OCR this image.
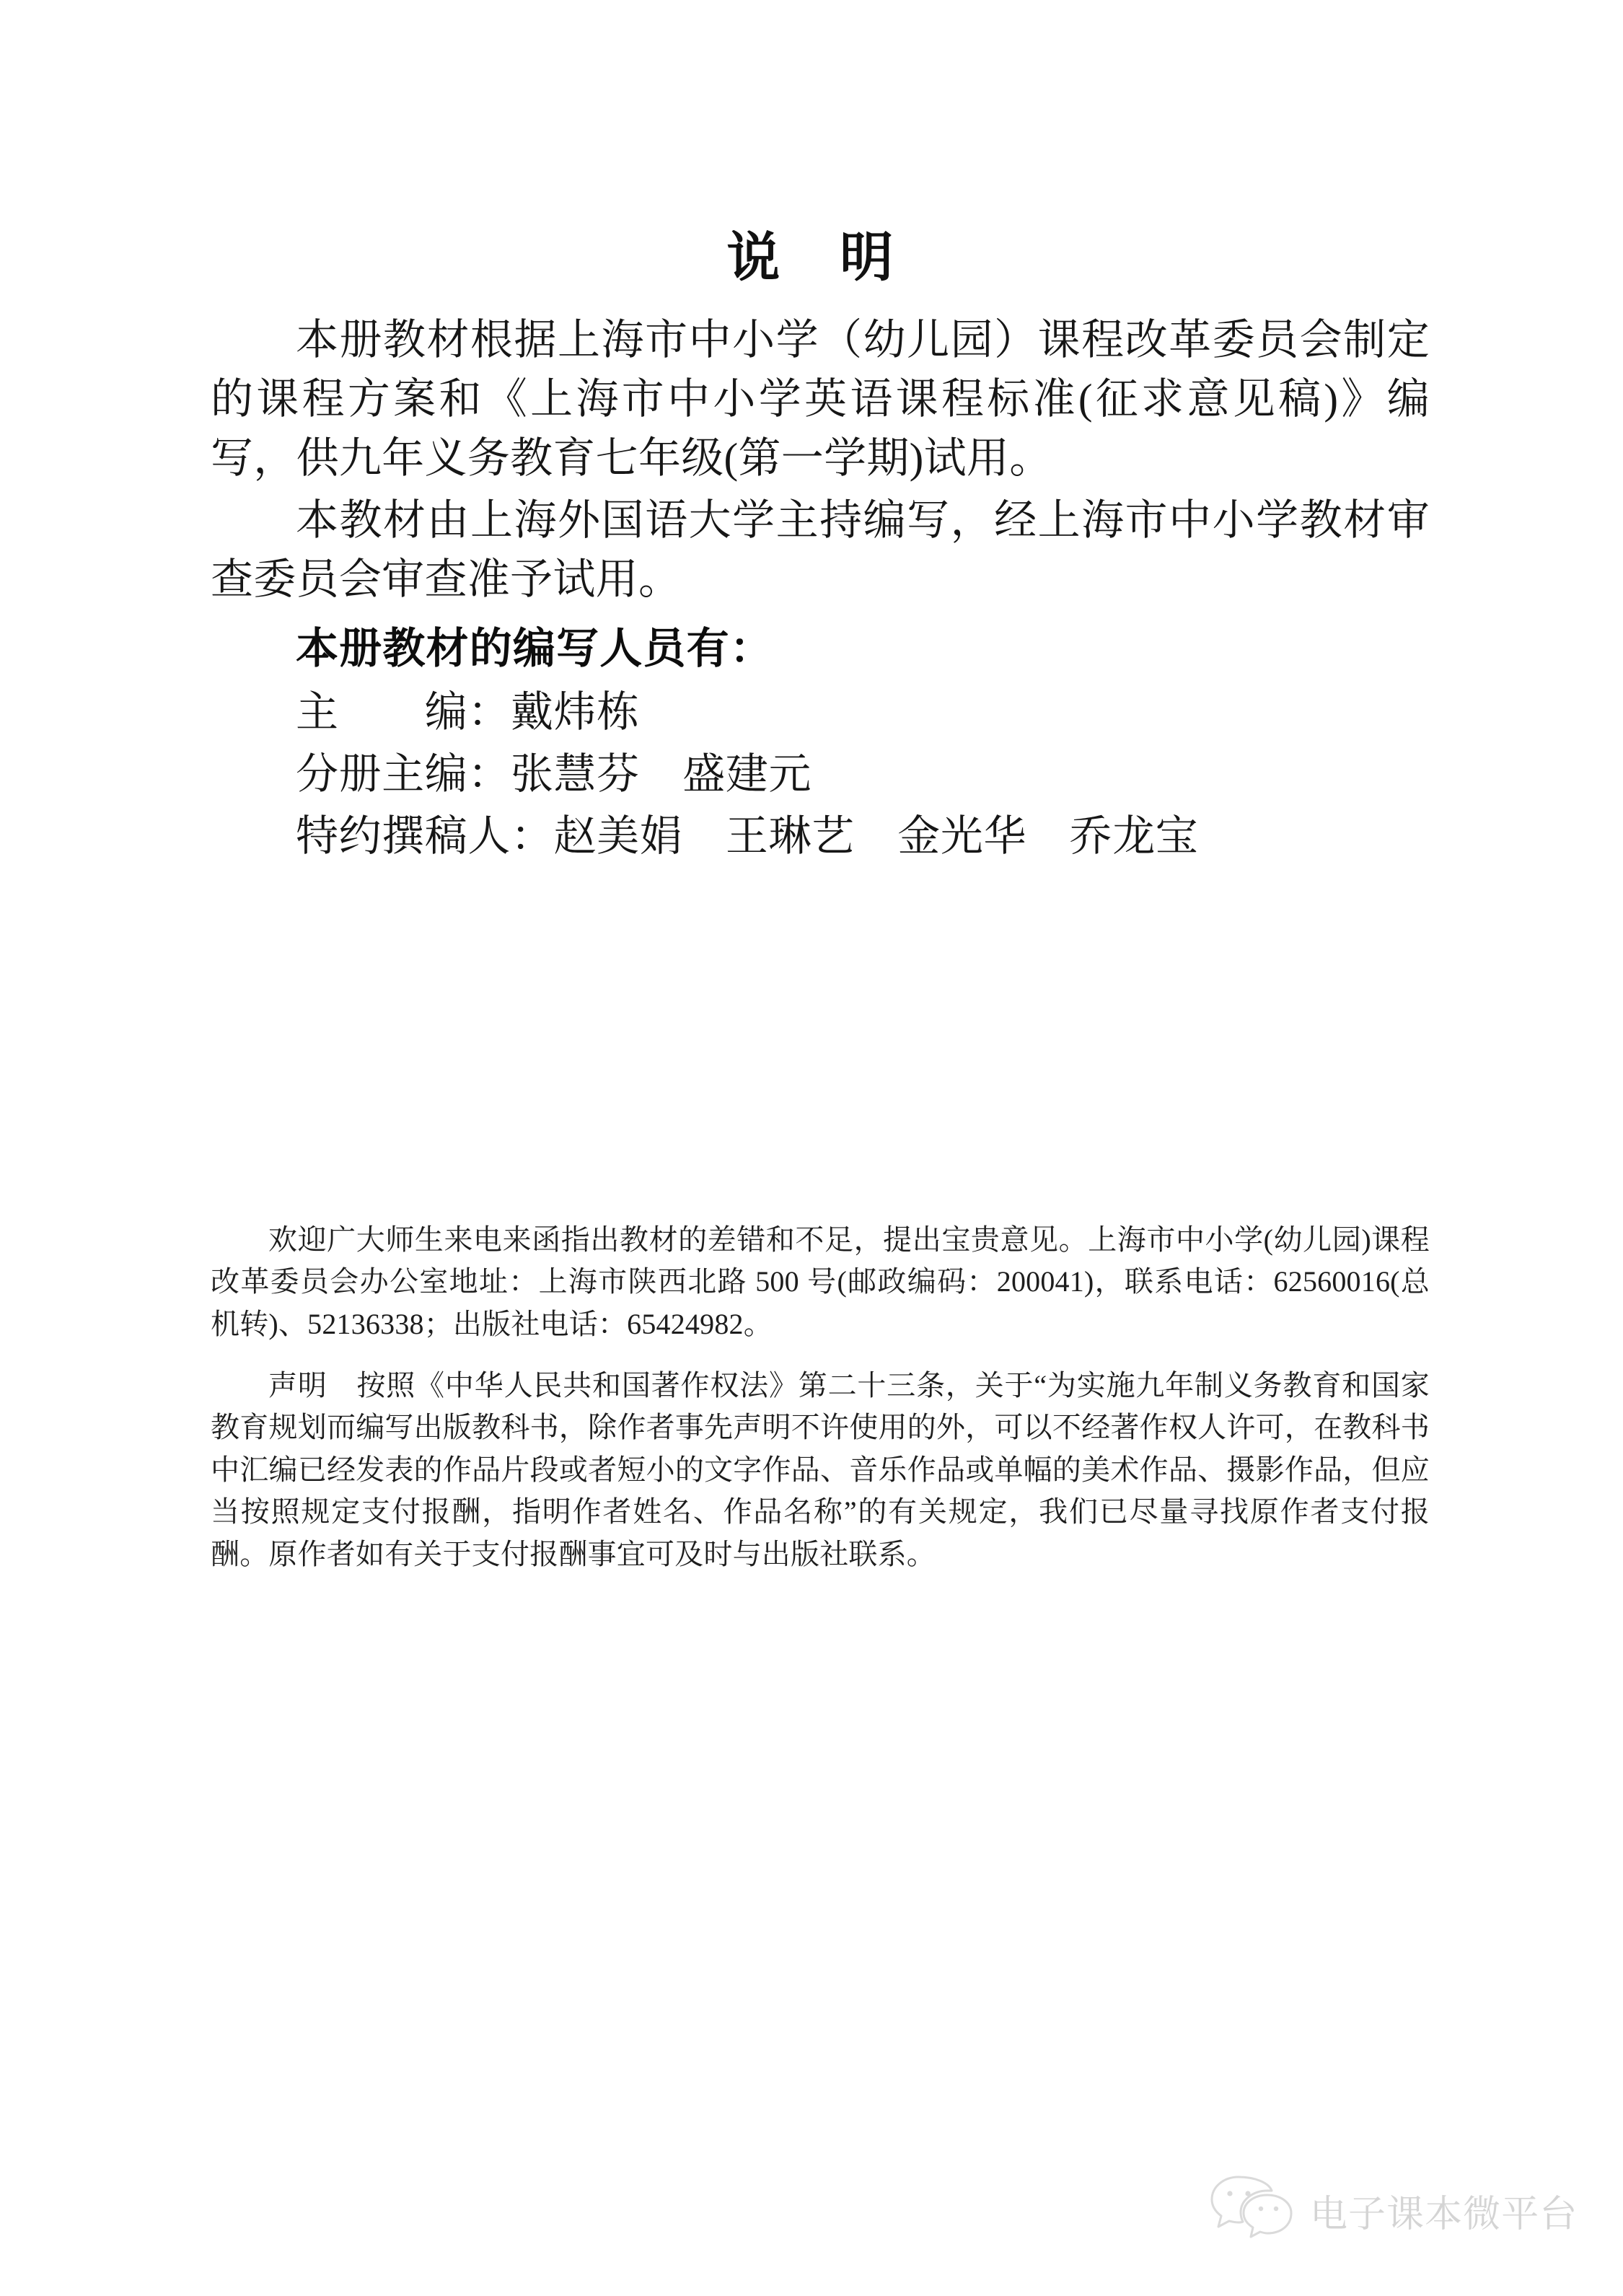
说　明

本册教材根据上海市中小学（幼儿园）课程改革委员会制定的课程方案和《上海市中小学英语课程标准(征求意见稿)》编写，供九年义务教育七年级(第一学期)试用。

本教材由上海外国语大学主持编写，经上海市中小学教材审查委员会审查准予试用。

本册教材的编写人员有：
主　　编：戴炜栋
分册主编：张慧芬　盛建元
特约撰稿人：赵美娟　王琳艺　金光华　乔龙宝

欢迎广大师生来电来函指出教材的差错和不足，提出宝贵意见。上海市中小学(幼儿园)课程改革委员会办公室地址：上海市陕西北路 500 号(邮政编码：200041)，联系电话：62560016(总机转)、52136338；出版社电话：65424982。

声明　按照《中华人民共和国著作权法》第二十三条，关于“为实施九年制义务教育和国家教育规划而编写出版教科书，除作者事先声明不许使用的外，可以不经著作权人许可，在教科书中汇编已经发表的作品片段或者短小的文字作品、音乐作品或单幅的美术作品、摄影作品，但应当按照规定支付报酬，指明作者姓名、作品名称”的有关规定，我们已尽量寻找原作者支付报酬。原作者如有关于支付报酬事宜可及时与出版社联系。

电子课本微平台
